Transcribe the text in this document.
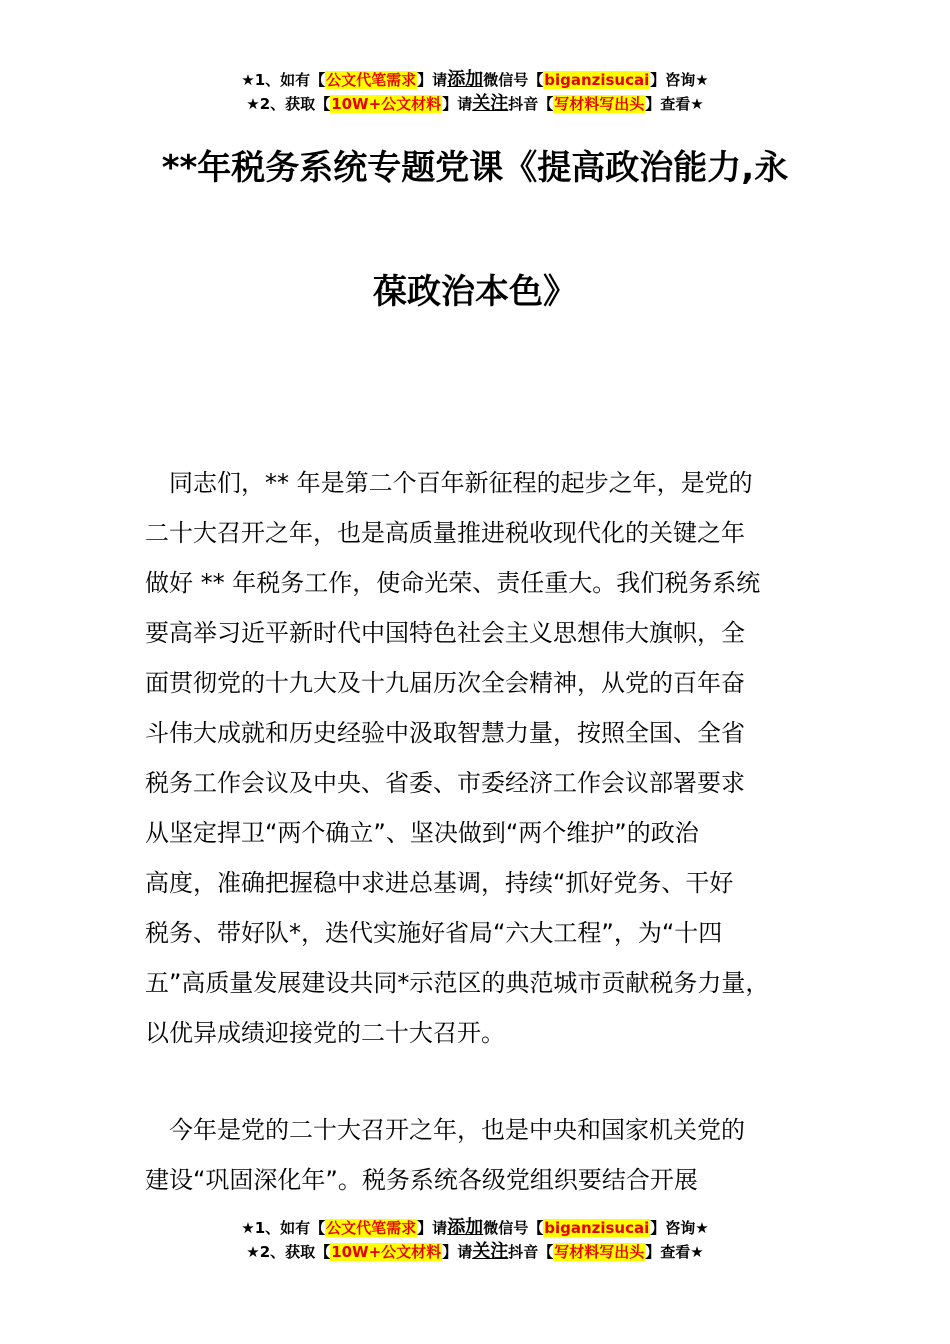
★1、如有【公文代笔需求】请添加微信号【biganzisucai】咨询★
★2、获取【10W+公文材料】请关注抖音【写材料写出头】查看★
**年税务系统专题党课《提高政治能力,永
葆政治本色》
　同志们，** 年是第二个百年新征程的起步之年，是党的
二十大召开之年，也是高质量推进税收现代化的关键之年
做好 ** 年税务工作，使命光荣、责任重大。我们税务系统
要高举习近平新时代中国特色社会主义思想伟大旗帜，全
面贯彻党的十九大及十九届历次全会精神，从党的百年奋
斗伟大成就和历史经验中汲取智慧力量，按照全国、全省
税务工作会议及中央、省委、市委经济工作会议部署要求
从坚定捍卫“两个确立”、坚决做到“两个维护”的政治
高度，准确把握稳中求进总基调，持续“抓好党务、干好
税务、带好队*，迭代实施好省局“六大工程”，为“十四
五”高质量发展建设共同*示范区的典范城市贡献税务力量，
以优异成绩迎接党的二十大召开。
　今年是党的二十大召开之年，也是中央和国家机关党的
建设“巩固深化年”。税务系统各级党组织要结合开展
★1、如有【公文代笔需求】请添加微信号【biganzisucai】咨询★
★2、获取【10W+公文材料】请关注抖音【写材料写出头】查看★
